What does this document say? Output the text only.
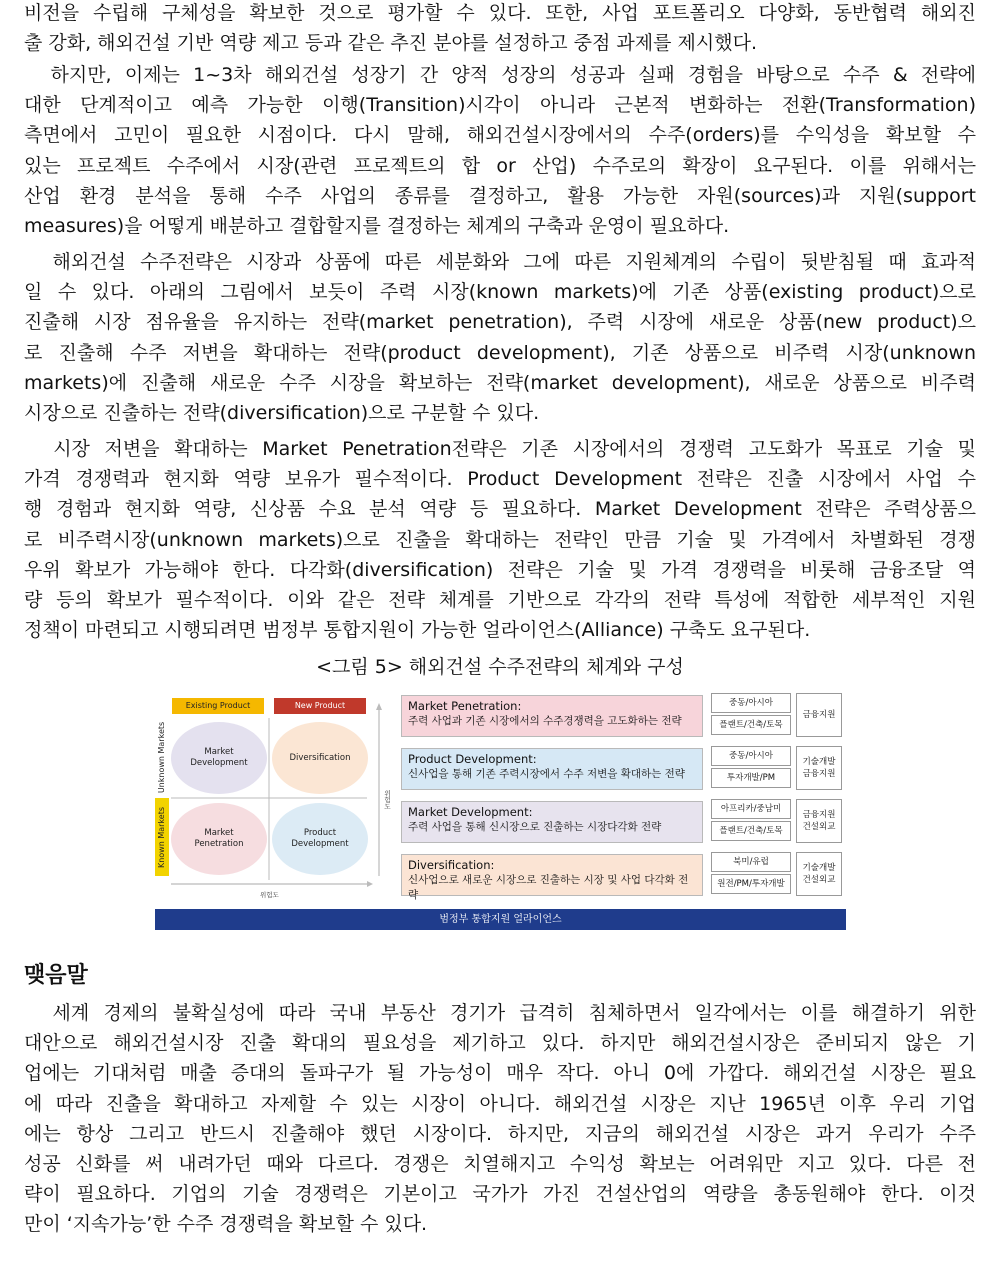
비전을 수립해 구체성을 확보한 것으로 평가할 수 있다. 또한, 사업 포트폴리오 다양화, 동반협력 해외진
출 강화, 해외건설 기반 역량 제고 등과 같은 추진 분야를 설정하고 중점 과제를 제시했다.
하지만, 이제는 1~3차 해외건설 성장기 간 양적 성장의 성공과 실패 경험을 바탕으로 수주 & 전략에
대한 단계적이고 예측 가능한 이행(Transition)시각이 아니라 근본적 변화하는 전환(Transformation)
측면에서 고민이 필요한 시점이다. 다시 말해, 해외건설시장에서의 수주(orders)를 수익성을 확보할 수
있는 프로젝트 수주에서 시장(관련 프로젝트의 합 or 산업) 수주로의 확장이 요구된다. 이를 위해서는
산업 환경 분석을 통해 수주 사업의 종류를 결정하고, 활용 가능한 자원(sources)과 지원(support
measures)을 어떻게 배분하고 결합할지를 결정하는 체계의 구축과 운영이 필요하다.
해외건설 수주전략은 시장과 상품에 따른 세분화와 그에 따른 지원체계의 수립이 뒷받침될 때 효과적
일 수 있다. 아래의 그림에서 보듯이 주력 시장(known markets)에 기존 상품(existing product)으로
진출해 시장 점유율을 유지하는 전략(market penetration), 주력 시장에 새로운 상품(new product)으
로 진출해 수주 저변을 확대하는 전략(product development), 기존 상품으로 비주력 시장(unknown
markets)에 진출해 새로운 수주 시장을 확보하는 전략(market development), 새로운 상품으로 비주력
시장으로 진출하는 전략(diversification)으로 구분할 수 있다.
시장 저변을 확대하는 Market Penetration전략은 기존 시장에서의 경쟁력 고도화가 목표로 기술 및
가격 경쟁력과 현지화 역량 보유가 필수적이다. Product Development 전략은 진출 시장에서 사업 수
행 경험과 현지화 역량, 신상품 수요 분석 역량 등 필요하다. Market Development 전략은 주력상품으
로 비주력시장(unknown markets)으로 진출을 확대하는 전략인 만큼 기술 및 가격에서 차별화된 경쟁
우위 확보가 가능해야 한다. 다각화(diversification) 전략은 기술 및 가격 경쟁력을 비롯해 금융조달 역
량 등의 확보가 필수적이다. 이와 같은 전략 체계를 기반으로 각각의 전략 특성에 적합한 세부적인 지원
정책이 마련되고 시행되려면 범정부 통합지원이 가능한 얼라이언스(Alliance) 구축도 요구된다.
<그림 5> 해외건설 수주전략의 체계와 구성
Existing Product	New Product
Unknown Markets
Known Markets
위험도
위험도
Market
Development
Diversification
Market
Penetration
Product
Development
Market Penetration:
주력 사업과 기존 시장에서의 수주경쟁력을 고도화하는 전략
중동/아시아
플랜트/건축/토목
금융지원
Product Development:
신사업을 통해 기존 주력시장에서 수주 저변을 확대하는 전략
중동/아시아
투자개발/PM
기술개발
금융지원
Market Development:
주력 사업을 통해 신시장으로 진출하는 시장다각화 전략
아프리카/중남미
플랜트/건축/토목
금융지원
건설외교
Diversification:
신사업으로 새로운 시장으로 진출하는 시장 및 사업 다각화 전략
북미/유럽
원전/PM/투자개발
기술개발
건설외교
범정부 통합지원 얼라이언스
맺음말
세계 경제의 불확실성에 따라 국내 부동산 경기가 급격히 침체하면서 일각에서는 이를 해결하기 위한
대안으로 해외건설시장 진출 확대의 필요성을 제기하고 있다. 하지만 해외건설시장은 준비되지 않은 기
업에는 기대처럼 매출 증대의 돌파구가 될 가능성이 매우 작다. 아니 0에 가깝다. 해외건설 시장은 필요
에 따라 진출을 확대하고 자제할 수 있는 시장이 아니다. 해외건설 시장은 지난 1965년 이후 우리 기업
에는 항상 그리고 반드시 진출해야 했던 시장이다. 하지만, 지금의 해외건설 시장은 과거 우리가 수주
성공 신화를 써 내려가던 때와 다르다. 경쟁은 치열해지고 수익성 확보는 어려워만 지고 있다. 다른 전
략이 필요하다. 기업의 기술 경쟁력은 기본이고 국가가 가진 건설산업의 역량을 총동원해야 한다. 이것
만이 ‘지속가능’한 수주 경쟁력을 확보할 수 있다.
